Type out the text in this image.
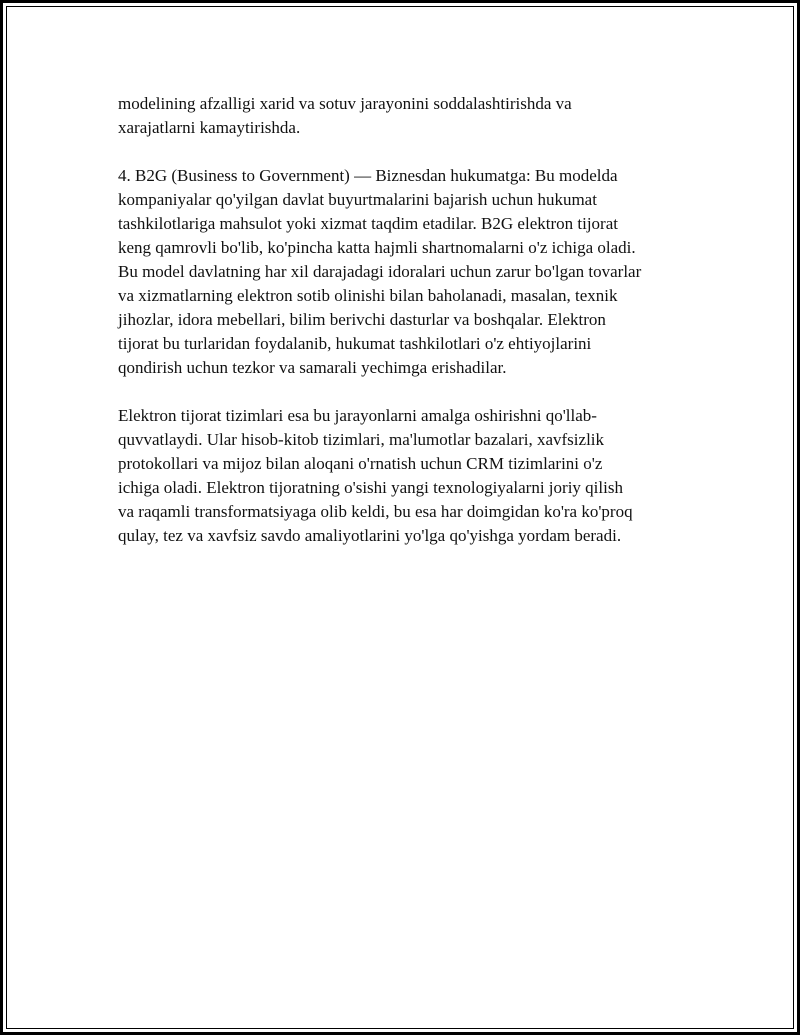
modelining afzalligi xarid va sotuv jarayonini soddalashtirishda va
xarajatlarni kamaytirishda.

4. B2G (Business to Government) — Biznesdan hukumatga: Bu modelda
kompaniyalar qo'yilgan davlat buyurtmalarini bajarish uchun hukumat
tashkilotlariga mahsulot yoki xizmat taqdim etadilar. B2G elektron tijorat
keng qamrovli bo'lib, ko'pincha katta hajmli shartnomalarni o'z ichiga oladi.
Bu model davlatning har xil darajadagi idoralari uchun zarur bo'lgan tovarlar
va xizmatlarning elektron sotib olinishi bilan baholanadi, masalan, texnik
jihozlar, idora mebellari, bilim berivchi dasturlar va boshqalar. Elektron
tijorat bu turlaridan foydalanib, hukumat tashkilotlari o'z ehtiyojlarini
qondirish uchun tezkor va samarali yechimga erishadilar.

Elektron tijorat tizimlari esa bu jarayonlarni amalga oshirishni qo'llab-
quvvatlaydi. Ular hisob-kitob tizimlari, ma'lumotlar bazalari, xavfsizlik
protokollari va mijoz bilan aloqani o'rnatish uchun CRM tizimlarini o'z
ichiga oladi. Elektron tijoratning o'sishi yangi texnologiyalarni joriy qilish
va raqamli transformatsiyaga olib keldi, bu esa har doimgidan ko'ra ko'proq
qulay, tez va xavfsiz savdo amaliyotlarini yo'lga qo'yishga yordam beradi.
